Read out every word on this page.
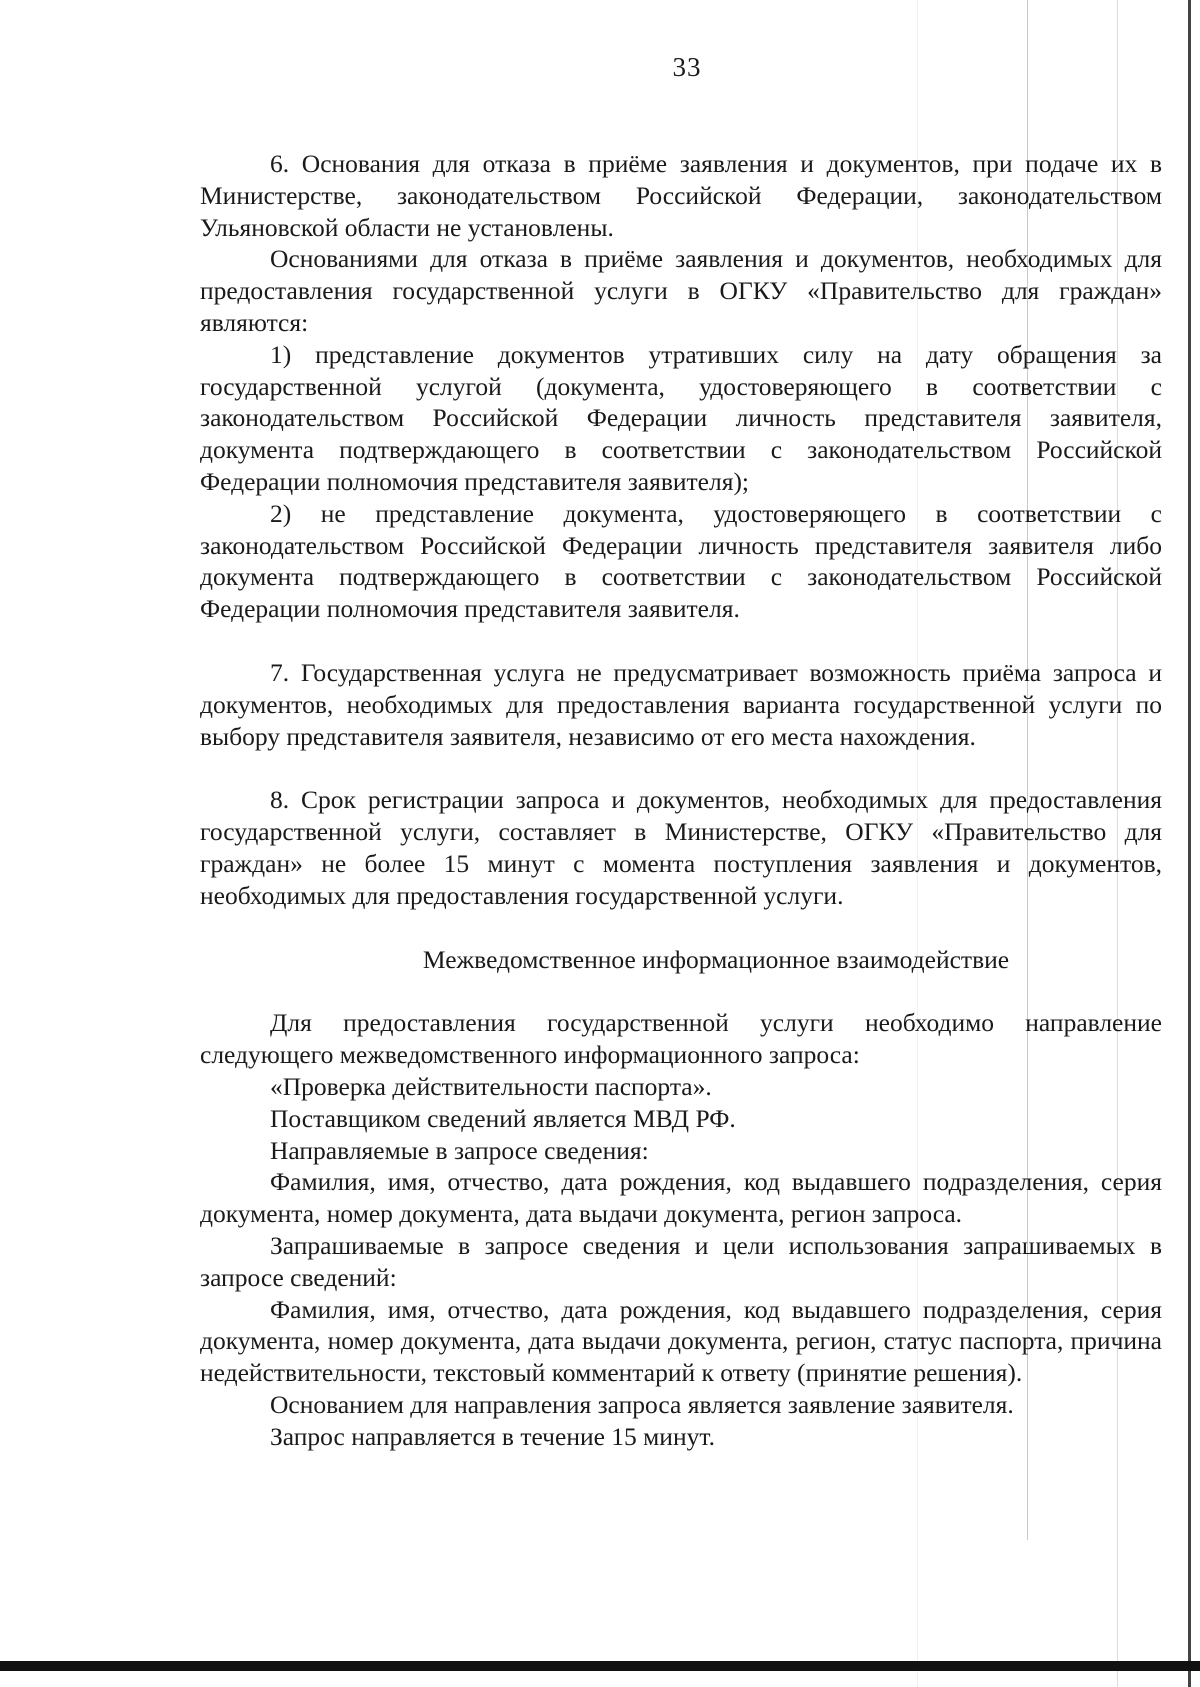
33

6. Основания для отказа в приёме заявления и документов, при подаче их в Министерстве, законодательством Российской Федерации, законодательством Ульяновской области не установлены.

Основаниями для отказа в приёме заявления и документов, необходимых для предоставления государственной услуги в ОГКУ «Правительство для граждан» являются:

1) представление документов утративших силу на дату обращения за государственной услугой (документа, удостоверяющего в соответствии с законодательством Российской Федерации личность представителя заявителя, документа подтверждающего в соответствии с законодательством Российской Федерации полномочия представителя заявителя);

2) не представление документа, удостоверяющего в соответствии с законодательством Российской Федерации личность представителя заявителя либо документа подтверждающего в соответствии с законодательством Российской Федерации полномочия представителя заявителя.

7. Государственная услуга не предусматривает возможность приёма запроса и документов, необходимых для предоставления варианта государственной услуги по выбору представителя заявителя, независимо от его места нахождения.

8. Срок регистрации запроса и документов, необходимых для предоставления государственной услуги, составляет в Министерстве, ОГКУ «Правительство для граждан» не более 15 минут с момента поступления заявления и документов, необходимых для предоставления государственной услуги.

Межведомственное информационное взаимодействие

Для предоставления государственной услуги необходимо направление следующего межведомственного информационного запроса:

«Проверка действительности паспорта».

Поставщиком сведений является МВД РФ.

Направляемые в запросе сведения:

Фамилия, имя, отчество, дата рождения, код выдавшего подразделения, серия документа, номер документа, дата выдачи документа, регион запроса.

Запрашиваемые в запросе сведения и цели использования запрашиваемых в запросе сведений:

Фамилия, имя, отчество, дата рождения, код выдавшего подразделения, серия документа, номер документа, дата выдачи документа, регион, статус паспорта, причина недействительности, текстовый комментарий к ответу (принятие решения).

Основанием для направления запроса является заявление заявителя.

Запрос направляется в течение 15 минут.
